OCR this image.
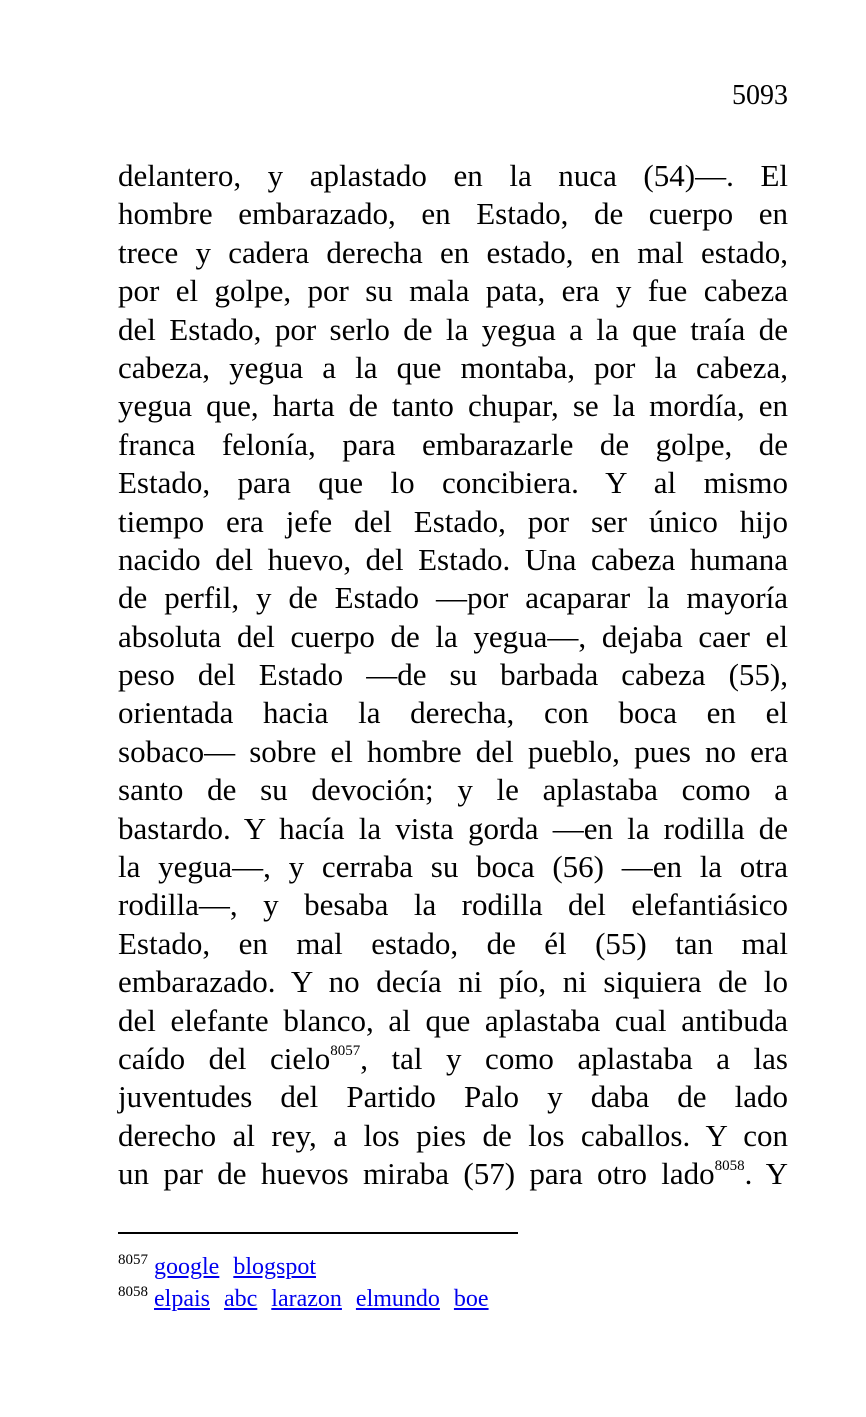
5093
delantero, y aplastado en la nuca (54)—. El
hombre embarazado, en Estado, de cuerpo en
trece y cadera derecha en estado, en mal estado,
por el golpe, por su mala pata, era y fue cabeza
del Estado, por serlo de la yegua a la que traía de
cabeza, yegua a la que montaba, por la cabeza,
yegua que, harta de tanto chupar, se la mordía, en
franca felonía, para embarazarle de golpe, de
Estado, para que lo concibiera. Y al mismo
tiempo era jefe del Estado, por ser único hijo
nacido del huevo, del Estado. Una cabeza humana
de perfil, y de Estado —por acaparar la mayoría
absoluta del cuerpo de la yegua—, dejaba caer el
peso del Estado —de su barbada cabeza (55),
orientada hacia la derecha, con boca en el
sobaco— sobre el hombre del pueblo, pues no era
santo de su devoción; y le aplastaba como a
bastardo. Y hacía la vista gorda —en la rodilla de
la yegua—, y cerraba su boca (56) —en la otra
rodilla—, y besaba la rodilla del elefantiásico
Estado, en mal estado, de él (55) tan mal
embarazado. Y no decía ni pío, ni siquiera de lo
del elefante blanco, al que aplastaba cual antibuda
caído del cielo$^{8057}$, tal y como aplastaba a las
juventudes del Partido Palo y daba de lado
derecho al rey, a los pies de los caballos. Y con
un par de huevos miraba (57) para otro lado$^{8058}$. Y
$^{8057}$ google blogspot
$^{8058}$ elpais abc larazon elmundo boe
